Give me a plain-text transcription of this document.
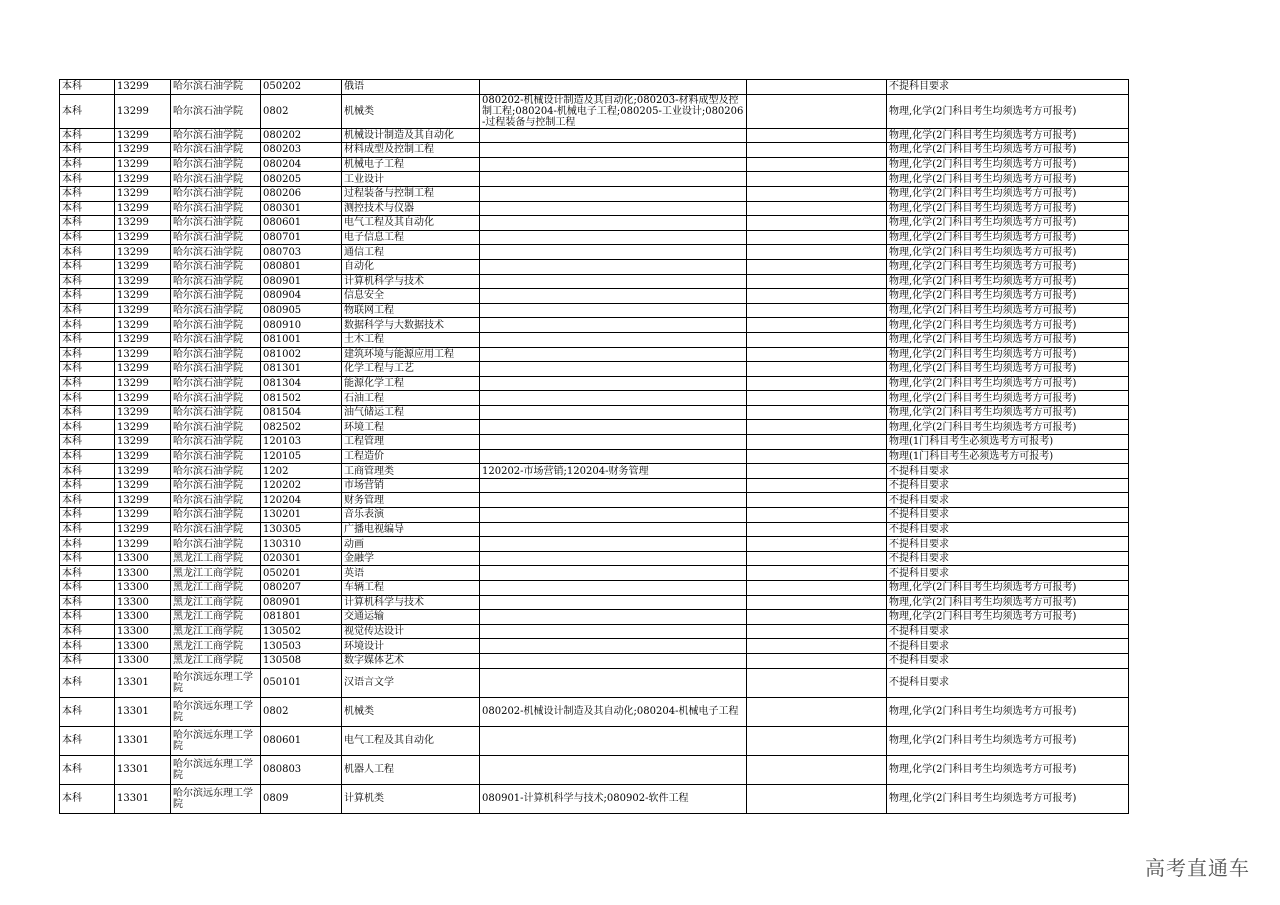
本科	13299	哈尔滨石油学院	050202	俄语			不提科目要求
本科	13299	哈尔滨石油学院	0802	机械类	080202-机械设计制造及其自动化;080203-材料成型及控制工程;080204-机械电子工程;080205-工业设计;080206-过程装备与控制工程		物理,化学(2门科目考生均须选考方可报考)
本科	13299	哈尔滨石油学院	080202	机械设计制造及其自动化			物理,化学(2门科目考生均须选考方可报考)
本科	13299	哈尔滨石油学院	080203	材料成型及控制工程			物理,化学(2门科目考生均须选考方可报考)
本科	13299	哈尔滨石油学院	080204	机械电子工程			物理,化学(2门科目考生均须选考方可报考)
本科	13299	哈尔滨石油学院	080205	工业设计			物理,化学(2门科目考生均须选考方可报考)
本科	13299	哈尔滨石油学院	080206	过程装备与控制工程			物理,化学(2门科目考生均须选考方可报考)
本科	13299	哈尔滨石油学院	080301	测控技术与仪器			物理,化学(2门科目考生均须选考方可报考)
本科	13299	哈尔滨石油学院	080601	电气工程及其自动化			物理,化学(2门科目考生均须选考方可报考)
本科	13299	哈尔滨石油学院	080701	电子信息工程			物理,化学(2门科目考生均须选考方可报考)
本科	13299	哈尔滨石油学院	080703	通信工程			物理,化学(2门科目考生均须选考方可报考)
本科	13299	哈尔滨石油学院	080801	自动化			物理,化学(2门科目考生均须选考方可报考)
本科	13299	哈尔滨石油学院	080901	计算机科学与技术			物理,化学(2门科目考生均须选考方可报考)
本科	13299	哈尔滨石油学院	080904	信息安全			物理,化学(2门科目考生均须选考方可报考)
本科	13299	哈尔滨石油学院	080905	物联网工程			物理,化学(2门科目考生均须选考方可报考)
本科	13299	哈尔滨石油学院	080910	数据科学与大数据技术			物理,化学(2门科目考生均须选考方可报考)
本科	13299	哈尔滨石油学院	081001	土木工程			物理,化学(2门科目考生均须选考方可报考)
本科	13299	哈尔滨石油学院	081002	建筑环境与能源应用工程			物理,化学(2门科目考生均须选考方可报考)
本科	13299	哈尔滨石油学院	081301	化学工程与工艺			物理,化学(2门科目考生均须选考方可报考)
本科	13299	哈尔滨石油学院	081304	能源化学工程			物理,化学(2门科目考生均须选考方可报考)
本科	13299	哈尔滨石油学院	081502	石油工程			物理,化学(2门科目考生均须选考方可报考)
本科	13299	哈尔滨石油学院	081504	油气储运工程			物理,化学(2门科目考生均须选考方可报考)
本科	13299	哈尔滨石油学院	082502	环境工程			物理,化学(2门科目考生均须选考方可报考)
本科	13299	哈尔滨石油学院	120103	工程管理			物理(1门科目考生必须选考方可报考)
本科	13299	哈尔滨石油学院	120105	工程造价			物理(1门科目考生必须选考方可报考)
本科	13299	哈尔滨石油学院	1202	工商管理类	120202-市场营销;120204-财务管理		不提科目要求
本科	13299	哈尔滨石油学院	120202	市场营销			不提科目要求
本科	13299	哈尔滨石油学院	120204	财务管理			不提科目要求
本科	13299	哈尔滨石油学院	130201	音乐表演			不提科目要求
本科	13299	哈尔滨石油学院	130305	广播电视编导			不提科目要求
本科	13299	哈尔滨石油学院	130310	动画			不提科目要求
本科	13300	黑龙江工商学院	020301	金融学			不提科目要求
本科	13300	黑龙江工商学院	050201	英语			不提科目要求
本科	13300	黑龙江工商学院	080207	车辆工程			物理,化学(2门科目考生均须选考方可报考)
本科	13300	黑龙江工商学院	080901	计算机科学与技术			物理,化学(2门科目考生均须选考方可报考)
本科	13300	黑龙江工商学院	081801	交通运输			物理,化学(2门科目考生均须选考方可报考)
本科	13300	黑龙江工商学院	130502	视觉传达设计			不提科目要求
本科	13300	黑龙江工商学院	130503	环境设计			不提科目要求
本科	13300	黑龙江工商学院	130508	数字媒体艺术			不提科目要求
本科	13301	哈尔滨远东理工学院	050101	汉语言文学			不提科目要求
本科	13301	哈尔滨远东理工学院	0802	机械类	080202-机械设计制造及其自动化;080204-机械电子工程		物理,化学(2门科目考生均须选考方可报考)
本科	13301	哈尔滨远东理工学院	080601	电气工程及其自动化			物理,化学(2门科目考生均须选考方可报考)
本科	13301	哈尔滨远东理工学院	080803	机器人工程			物理,化学(2门科目考生均须选考方可报考)
本科	13301	哈尔滨远东理工学院	0809	计算机类	080901-计算机科学与技术;080902-软件工程		物理,化学(2门科目考生均须选考方可报考)
高考直通车
